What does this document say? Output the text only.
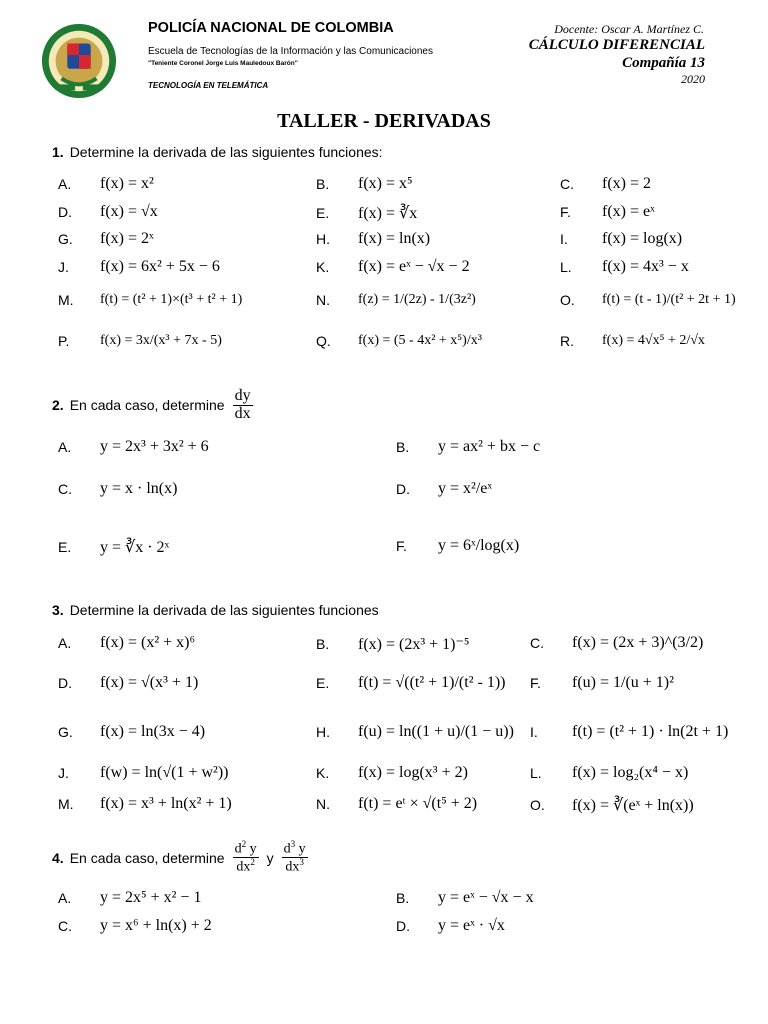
POLICÍA NACIONAL DE COLOMBIA
Escuela de Tecnologías de la Información y las Comunicaciones
"Teniente Coronel Jorge Luis Mauledoux Barón"
TECNOLOGÍA EN TELEMÁTICA
Docente: Oscar A. Martínez C.
CÁLCULO DIFERENCIAL
Compañía 13
2020
TALLER - DERIVADAS
1. Determine la derivada de las siguientes funciones:
2. En cada caso, determine $\frac{dy}{dx}$
3. Determine la derivada de las siguientes funciones
4. En cada caso, determine $\frac{d^2 y}{dx^2}$ y $\frac{d^3 y}{dx^3}$
A.	f(x) = x²	B.	f(x) = x⁵	C.	f(x) = 2
D.	f(x) = √x	E.	f(x) = ∛x	F.	f(x) = eˣ
G.	f(x) = 2ˣ	H.	f(x) = ln(x)	I.	f(x) = log(x)
J.	f(x) = 6x² + 5x − 6	K.	f(x) = eˣ − √x − 2	L.	f(x) = 4x³ − x
M.	f(t) = (t² + 1)×(t³ + t² + 1)	N.	f(z) = 1/(2z) - 1/(3z²)	O.	f(t) = (t - 1)/(t² + 2t + 1)
P.	f(x) = 3x/(x³ + 7x - 5)	Q.	f(x) = (5 - 4x² + x⁵)/x³	R.	f(x) = 4√x⁵ + 2/√x
A.	y = 2x³ + 3x² + 6	B.	y = ax² + bx − c
C.	y = x · ln(x)	D.	y = x²/eˣ
E.	y = ∛x · 2ˣ	F.	y = 6ˣ/log(x)
A.	f(x) = (x² + x)⁶	B.	f(x) = (2x³ + 1)⁻⁵	C.	f(x) = (2x + 3)^(3/2)
D.	f(x) = √(x³ + 1)	E.	f(t) = √((t² + 1)/(t² - 1)) F.	f(u) = 1/(u + 1)²
G.	f(x) = ln(3x − 4)	H.	f(u) = ln((1 + u)/(1 − u)) I.	f(t) = (t² + 1) · ln(2t + 1)
J.	f(w) = ln(√(1 + w²))	K.	f(x) = log(x³ + 2)	L.	f(x) = log₂(x⁴ − x)
M.	f(x) = x³ + ln(x² + 1)	N.	f(t) = eᵗ × √(t⁵ + 2)	O.	f(x) = ∛(eˣ + ln(x))
A.	y = 2x⁵ + x² − 1	B.	y = eˣ − √x − x
C.	y = x⁶ + ln(x) + 2	D.	y = eˣ · √x
